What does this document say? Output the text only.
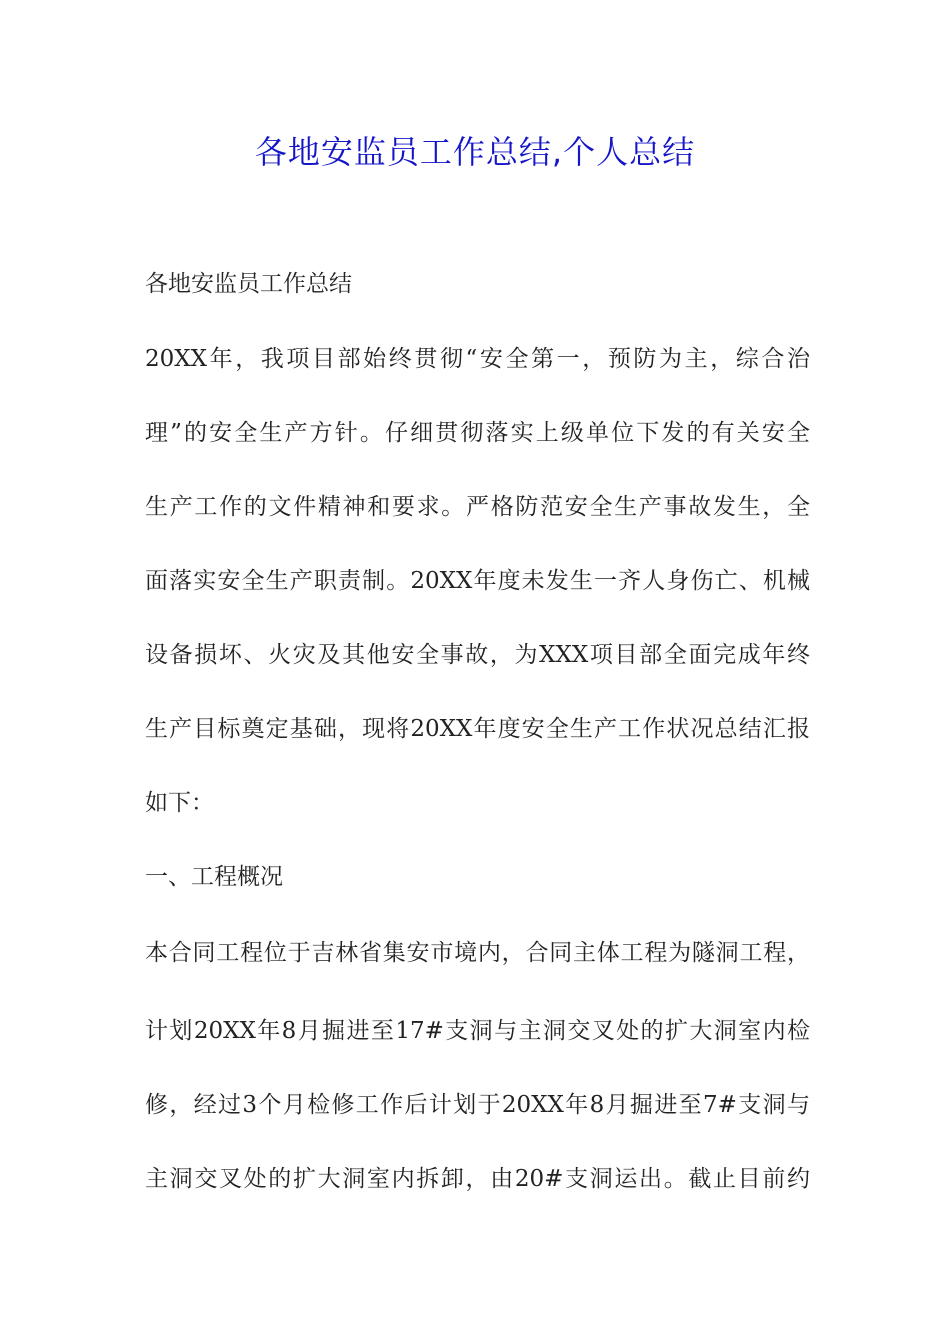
各地安监员工作总结,个人总结
各地安监员工作总结
20XX年，我项目部始终贯彻“安全第一，预防为主，综合治
理”的安全生产方针。仔细贯彻落实上级单位下发的有关安全
生产工作的文件精神和要求。严格防范安全生产事故发生，全
面落实安全生产职责制。20XX年度未发生一齐人身伤亡、机械
设备损坏、火灾及其他安全事故，为XXX项目部全面完成年终
生产目标奠定基础，现将20XX年度安全生产工作状况总结汇报
如下：
一、工程概况
本合同工程位于吉林省集安市境内，合同主体工程为隧洞工程，
计划20XX年8月掘进至17#支洞与主洞交叉处的扩大洞室内检
修，经过3个月检修工作后计划于20XX年8月掘进至7#支洞与
主洞交叉处的扩大洞室内拆卸，由20#支洞运出。截止目前约
